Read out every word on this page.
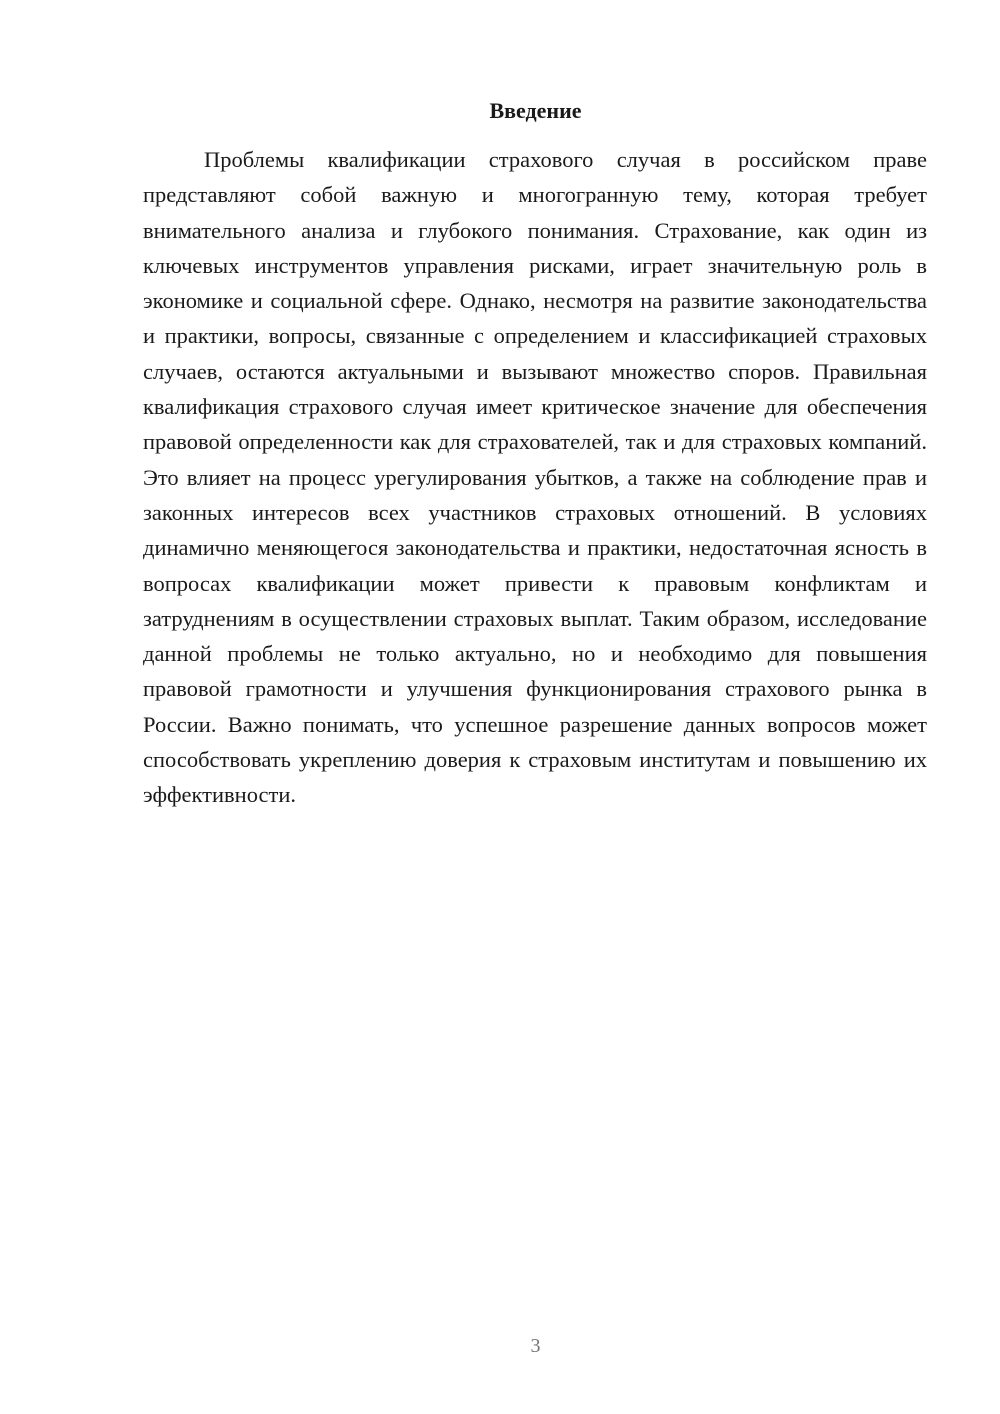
Введение

Проблемы квалификации страхового случая в российском праве представляют собой важную и многогранную тему, которая требует внимательного анализа и глубокого понимания. Страхование, как один из ключевых инструментов управления рисками, играет значительную роль в экономике и социальной сфере. Однако, несмотря на развитие законодательства и практики, вопросы, связанные с определением и классификацией страховых случаев, остаются актуальными и вызывают множество споров. Правильная квалификация страхового случая имеет критическое значение для обеспечения правовой определенности как для страхователей, так и для страховых компаний. Это влияет на процесс урегулирования убытков, а также на соблюдение прав и законных интересов всех участников страховых отношений. В условиях динамично меняющегося законодательства и практики, недостаточная ясность в вопросах квалификации может привести к правовым конфликтам и затруднениям в осуществлении страховых выплат. Таким образом, исследование данной проблемы не только актуально, но и необходимо для повышения правовой грамотности и улучшения функционирования страхового рынка в России. Важно понимать, что успешное разрешение данных вопросов может способствовать укреплению доверия к страховым институтам и повышению их эффективности.

3
